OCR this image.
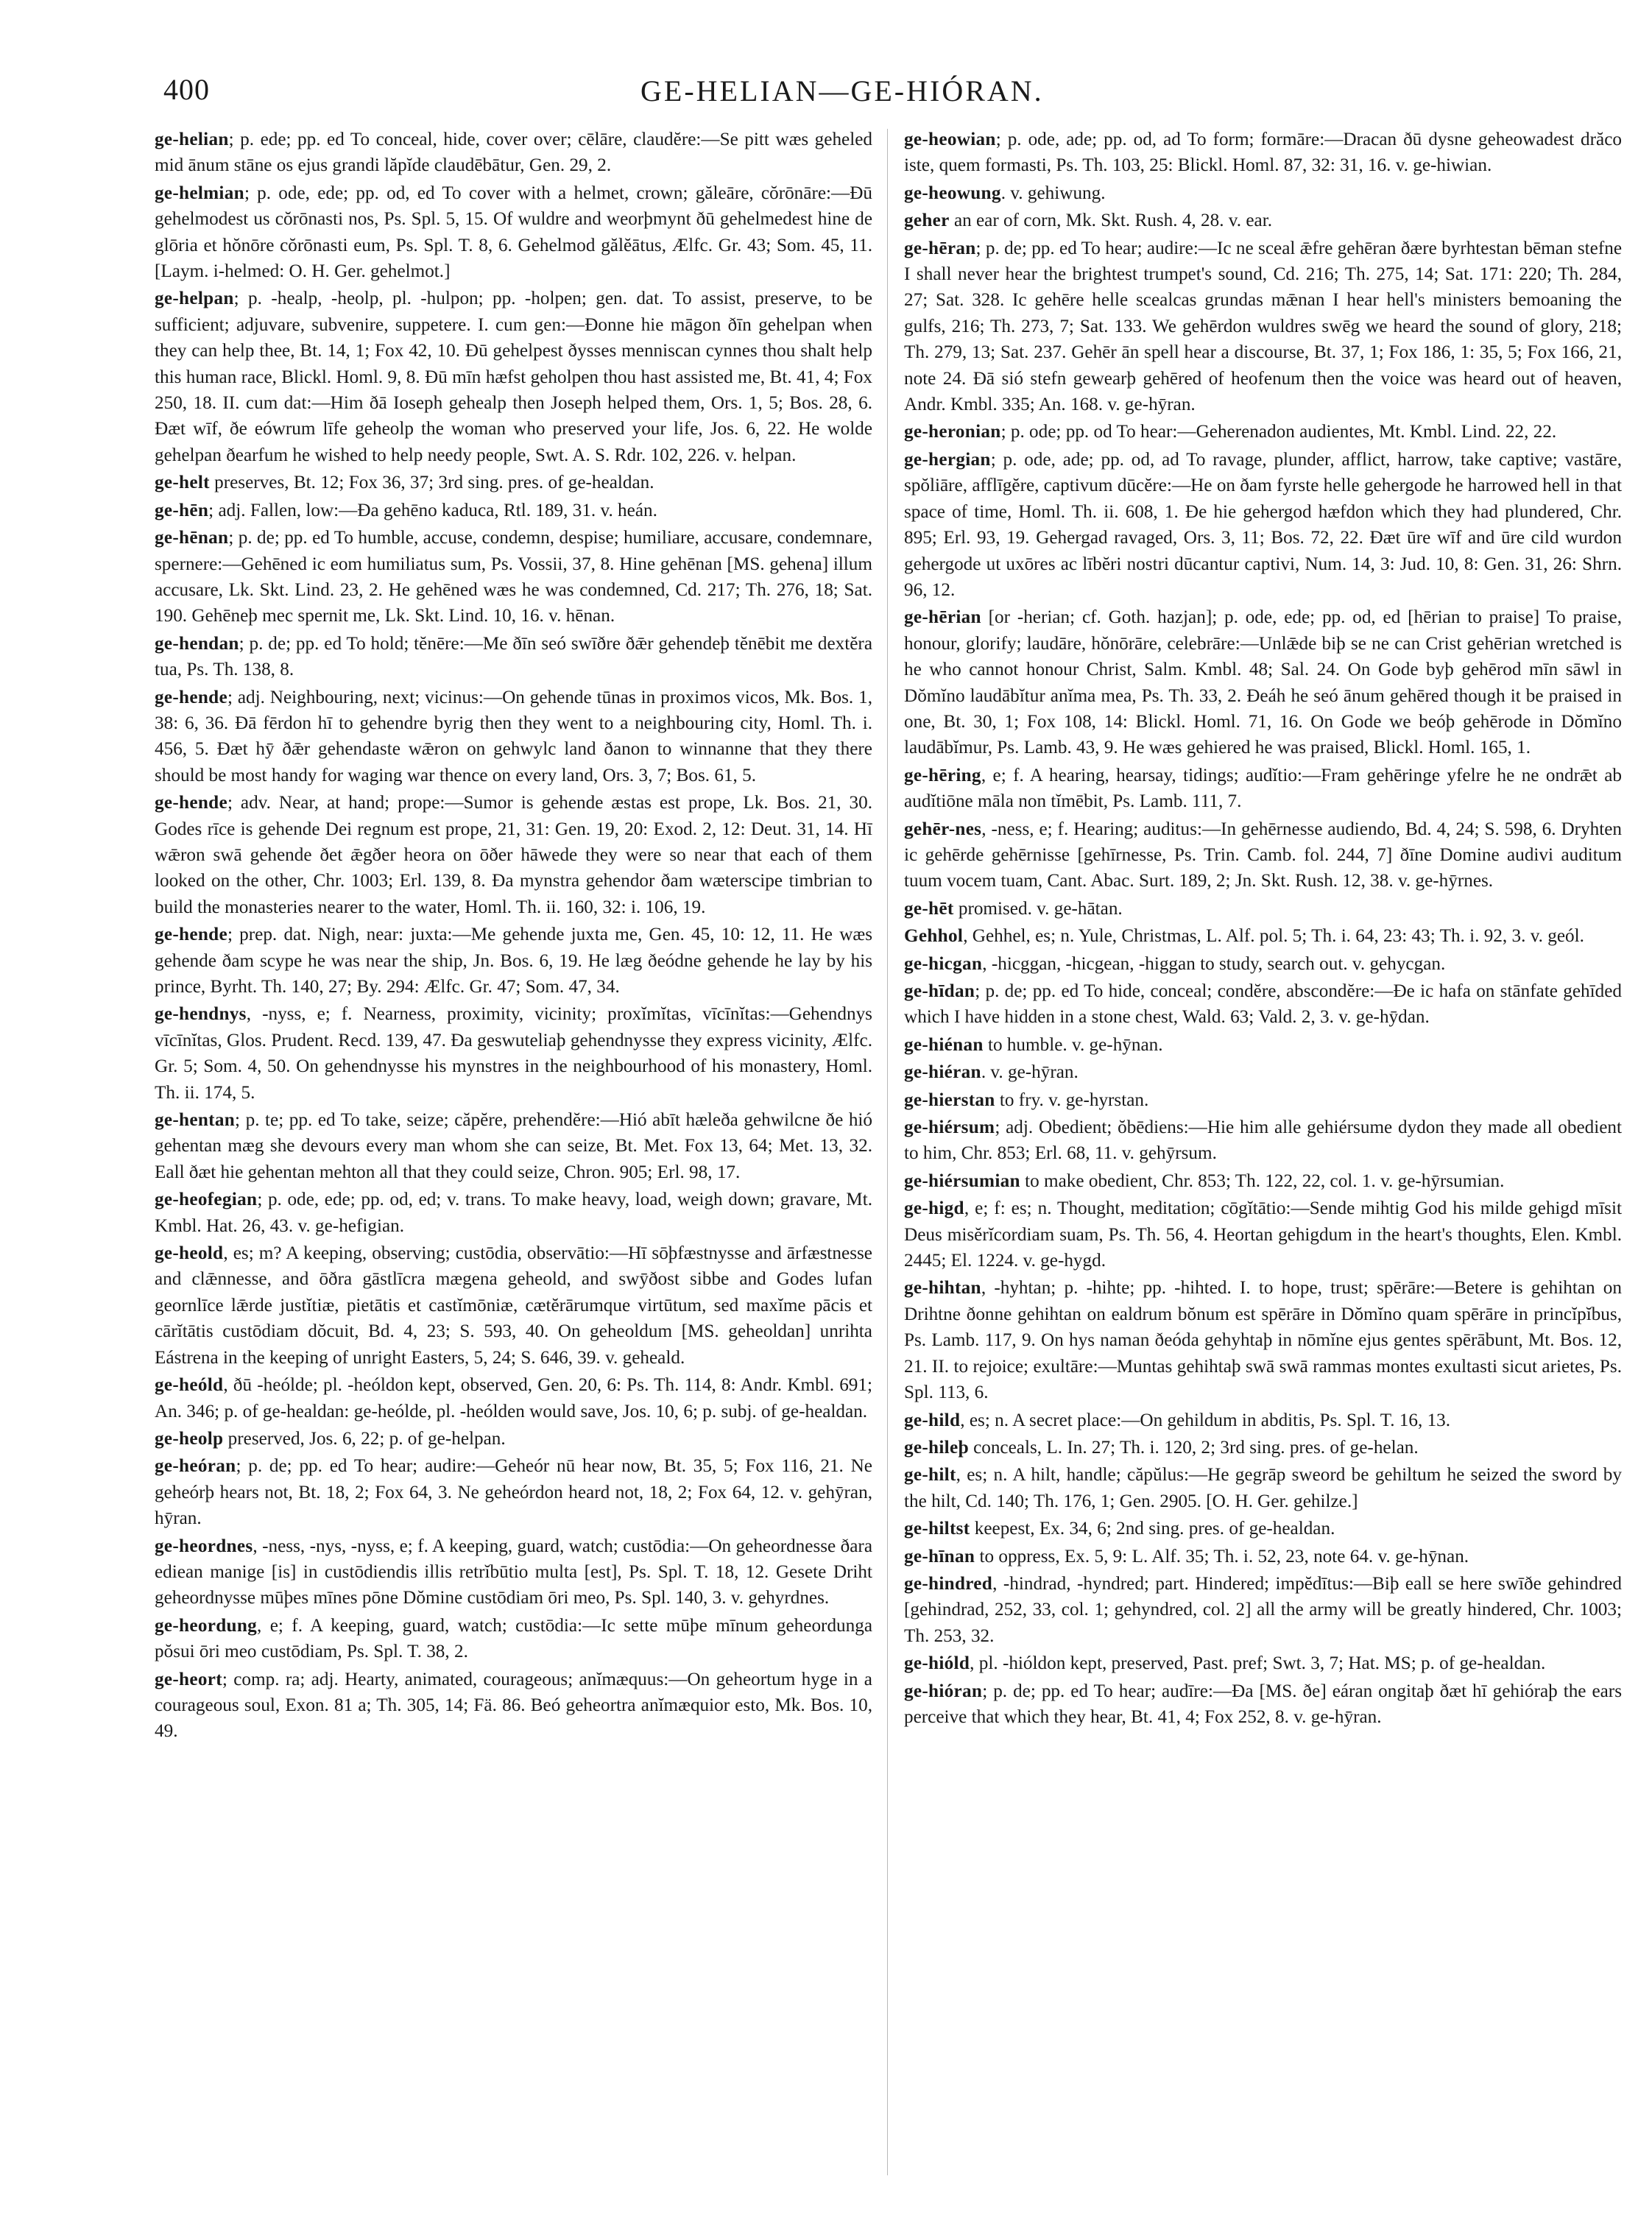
400	GE-HELIAN—GE-HIÓRAN.

ge-helian; p. ede; pp. ed To conceal, hide, cover over; cēlāre, claudĕre:—Se pitt wæs geheled mid ānum stāne os ejus grandi lăpĭde claudēbātur, Gen. 29, 2.

ge-helmian; p. ode, ede; pp. od, ed To cover with a helmet, crown; găleāre, cŏrōnāre:—Đū gehelmodest us cŏrōnasti nos, Ps. Spl. 5, 15. Of wuldre and weorþmynt ðū gehelmedest hine de glōria et hŏnōre cŏrōnasti eum, Ps. Spl. T. 8, 6. Gehelmod gălĕātus, Ælfc. Gr. 43; Som. 45, 11. [Laym. i-helmed: O. H. Ger. gehelmot.]

ge-helpan; p. -healp, -heolp, pl. -hulpon; pp. -holpen; gen. dat. To assist, preserve, to be sufficient; adjuvare, subvenire, suppetere. I. cum gen:—Đonne hie māgon ðīn gehelpan when they can help thee, Bt. 14, 1; Fox 42, 10. Đū gehelpest ðysses menniscan cynnes thou shalt help this human race, Blickl. Homl. 9, 8. Đū mīn hæfst geholpen thou hast assisted me, Bt. 41, 4; Fox 250, 18. II. cum dat:—Him ðā Ioseph gehealp then Joseph helped them, Ors. 1, 5; Bos. 28, 6. Đæt wīf, ðe eówrum līfe geheolp the woman who preserved your life, Jos. 6, 22. He wolde gehelpan ðearfum he wished to help needy people, Swt. A. S. Rdr. 102, 226. v. helpan.

ge-helt preserves, Bt. 12; Fox 36, 37; 3rd sing. pres. of ge-healdan.

ge-hēn; adj. Fallen, low:—Đa gehēno kaduca, Rtl. 189, 31. v. heán.

ge-hēnan; p. de; pp. ed To humble, accuse, condemn, despise; humiliare, accusare, condemnare, spernere:—Gehēned ic eom humiliatus sum, Ps. Vossii, 37, 8. Hine gehēnan [MS. gehena] illum accusare, Lk. Skt. Lind. 23, 2. He gehēned wæs he was condemned, Cd. 217; Th. 276, 18; Sat. 190. Gehēneþ mec spernit me, Lk. Skt. Lind. 10, 16. v. hēnan.

ge-hendan; p. de; pp. ed To hold; tĕnēre:—Me ðīn seó swīðre ðǣr gehendeþ tĕnēbit me dextĕra tua, Ps. Th. 138, 8.

ge-hende; adj. Neighbouring, next; vicinus:—On gehende tūnas in proximos vicos, Mk. Bos. 1, 38: 6, 36. Đā fērdon hī to gehendre byrig then they went to a neighbouring city, Homl. Th. i. 456, 5. Đæt hȳ ðǣr gehendaste wǣron on gehwylc land ðanon to winnanne that they there should be most handy for waging war thence on every land, Ors. 3, 7; Bos. 61, 5.

ge-hende; adv. Near, at hand; prope:—Sumor is gehende æstas est prope, Lk. Bos. 21, 30. Godes rīce is gehende Dei regnum est prope, 21, 31: Gen. 19, 20: Exod. 2, 12: Deut. 31, 14. Hī wǣron swā gehende ðet ǣgðer heora on ōðer hāwede they were so near that each of them looked on the other, Chr. 1003; Erl. 139, 8. Đa mynstra gehendor ðam wæterscipe timbrian to build the monasteries nearer to the water, Homl. Th. ii. 160, 32: i. 106, 19.

ge-hende; prep. dat. Nigh, near: juxta:—Me gehende juxta me, Gen. 45, 10: 12, 11. He wæs gehende ðam scype he was near the ship, Jn. Bos. 6, 19. He læg ðeódne gehende he lay by his prince, Byrht. Th. 140, 27; By. 294: Ælfc. Gr. 47; Som. 47, 34.

ge-hendnys, -nyss, e; f. Nearness, proximity, vicinity; proxĭmĭtas, vīcīnĭtas:—Gehendnys vīcīnĭtas, Glos. Prudent. Recd. 139, 47. Đa geswuteliaþ gehendnysse they express vicinity, Ælfc. Gr. 5; Som. 4, 50. On gehendnysse his mynstres in the neighbourhood of his monastery, Homl. Th. ii. 174, 5.

ge-hentan; p. te; pp. ed To take, seize; căpĕre, prehendĕre:—Hió abīt hæleða gehwilcne ðe hió gehentan mæg she devours every man whom she can seize, Bt. Met. Fox 13, 64; Met. 13, 32. Eall ðæt hie gehentan mehton all that they could seize, Chron. 905; Erl. 98, 17.

ge-heofegian; p. ode, ede; pp. od, ed; v. trans. To make heavy, load, weigh down; gravare, Mt. Kmbl. Hat. 26, 43. v. ge-hefigian.

ge-heold, es; m? A keeping, observing; custōdia, observātio:—Hī sōþfæstnysse and ārfæstnesse and clǣnnesse, and ōðra gāstlīcra mægena geheold, and swȳðost sibbe and Godes lufan geornlīce lǣrde justĭtiæ, pietātis et castĭmōniæ, cætĕrārumque virtūtum, sed maxĭme pācis et cārĭtātis custōdiam dŏcuit, Bd. 4, 23; S. 593, 40. On geheoldum [MS. geheoldan] unrihta Eástrena in the keeping of unright Easters, 5, 24; S. 646, 39. v. geheald.

ge-heóld, ðū -heólde; pl. -heóldon kept, observed, Gen. 20, 6: Ps. Th. 114, 8: Andr. Kmbl. 691; An. 346; p. of ge-healdan: ge-heólde, pl. -heólden would save, Jos. 10, 6; p. subj. of ge-healdan.

ge-heolp preserved, Jos. 6, 22; p. of ge-helpan.

ge-heóran; p. de; pp. ed To hear; audire:—Geheór nū hear now, Bt. 35, 5; Fox 116, 21. Ne geheórþ hears not, Bt. 18, 2; Fox 64, 3. Ne geheórdon heard not, 18, 2; Fox 64, 12. v. gehȳran, hȳran.

ge-heordnes, -ness, -nys, -nyss, e; f. A keeping, guard, watch; custōdia:—On geheordnesse ðara ediean manige [is] in custōdiendis illis retrĭbūtio multa [est], Ps. Spl. T. 18, 12. Gesete Driht geheordnysse mūþes mīnes pōne Dŏmine custōdiam ōri meo, Ps. Spl. 140, 3. v. gehyrdnes.

ge-heordung, e; f. A keeping, guard, watch; custōdia:—Ic sette mūþe mīnum geheordunga pŏsui ōri meo custōdiam, Ps. Spl. T. 38, 2.

ge-heort; comp. ra; adj. Hearty, animated, courageous; anĭmæquus:—On geheortum hyge in a courageous soul, Exon. 81 a; Th. 305, 14; Fä. 86. Beó geheortra anĭmæquior esto, Mk. Bos. 10, 49.

ge-heowian; p. ode, ade; pp. od, ad To form; formāre:—Dracan ðū dysne geheowadest drăco iste, quem formasti, Ps. Th. 103, 25: Blickl. Homl. 87, 32: 31, 16. v. ge-hiwian.

ge-heowung. v. gehiwung.

geher an ear of corn, Mk. Skt. Rush. 4, 28. v. ear.

ge-hēran; p. de; pp. ed To hear; audire:—Ic ne sceal ǣfre gehēran ðære byrhtestan bēman stefne I shall never hear the brightest trumpet's sound, Cd. 216; Th. 275, 14; Sat. 171: 220; Th. 284, 27; Sat. 328. Ic gehēre helle scealcas grundas mǣnan I hear hell's ministers bemoaning the gulfs, 216; Th. 273, 7; Sat. 133. We gehērdon wuldres swēg we heard the sound of glory, 218; Th. 279, 13; Sat. 237. Gehēr ān spell hear a discourse, Bt. 37, 1; Fox 186, 1: 35, 5; Fox 166, 21, note 24. Đā sió stefn gewearþ gehēred of heofenum then the voice was heard out of heaven, Andr. Kmbl. 335; An. 168. v. ge-hȳran.

ge-heronian; p. ode; pp. od To hear:—Geherenadon audientes, Mt. Kmbl. Lind. 22, 22.

ge-hergian; p. ode, ade; pp. od, ad To ravage, plunder, afflict, harrow, take captive; vastāre, spŏliāre, afflīgĕre, captivum dūcĕre:—He on ðam fyrste helle gehergode he harrowed hell in that space of time, Homl. Th. ii. 608, 1. Đe hie gehergod hæfdon which they had plundered, Chr. 895; Erl. 93, 19. Gehergad ravaged, Ors. 3, 11; Bos. 72, 22. Đæt ūre wīf and ūre cild wurdon gehergode ut uxōres ac lībĕri nostri dūcantur captivi, Num. 14, 3: Jud. 10, 8: Gen. 31, 26: Shrn. 96, 12.

ge-hērian [or -herian; cf. Goth. hazjan]; p. ode, ede; pp. od, ed [hērian to praise] To praise, honour, glorify; laudāre, hŏnōrāre, celebrāre:—Unlǣde biþ se ne can Crist gehērian wretched is he who cannot honour Christ, Salm. Kmbl. 48; Sal. 24. On Gode byþ gehērod mīn sāwl in Dŏmĭno laudābĭtur anĭma mea, Ps. Th. 33, 2. Đeáh he seó ānum gehēred though it be praised in one, Bt. 30, 1; Fox 108, 14: Blickl. Homl. 71, 16. On Gode we beóþ gehērode in Dŏmĭno laudābĭmur, Ps. Lamb. 43, 9. He wæs gehiered he was praised, Blickl. Homl. 165, 1.

ge-hēring, e; f. A hearing, hearsay, tidings; audĭtio:—Fram gehēringe yfelre he ne ondrǣt ab audĭtiōne māla non tĭmēbit, Ps. Lamb. 111, 7.

gehēr-nes, -ness, e; f. Hearing; auditus:—In gehērnesse audiendo, Bd. 4, 24; S. 598, 6. Dryhten ic gehērde gehērnisse [gehīrnesse, Ps. Trin. Camb. fol. 244, 7] ðīne Domine audivi auditum tuum vocem tuam, Cant. Abac. Surt. 189, 2; Jn. Skt. Rush. 12, 38. v. ge-hȳrnes.

ge-hēt promised. v. ge-hātan.

Gehhol, Gehhel, es; n. Yule, Christmas, L. Alf. pol. 5; Th. i. 64, 23: 43; Th. i. 92, 3. v. geól.

ge-hicgan, -hicggan, -hicgean, -higgan to study, search out. v. gehycgan.

ge-hīdan; p. de; pp. ed To hide, conceal; condĕre, abscondĕre:—Đe ic hafa on stānfate gehīded which I have hidden in a stone chest, Wald. 63; Vald. 2, 3. v. ge-hȳdan.

ge-hiénan to humble. v. ge-hȳnan.

ge-hiéran. v. ge-hȳran.

ge-hierstan to fry. v. ge-hyrstan.

ge-hiérsum; adj. Obedient; ŏbēdiens:—Hie him alle gehiérsume dydon they made all obedient to him, Chr. 853; Erl. 68, 11. v. gehȳrsum.

ge-hiérsumian to make obedient, Chr. 853; Th. 122, 22, col. 1. v. ge-hȳrsumian.

ge-higd, e; f: es; n. Thought, meditation; cōgĭtātio:—Sende mihtig God his milde gehigd mīsit Deus misĕrĭcordiam suam, Ps. Th. 56, 4. Heortan gehigdum in the heart's thoughts, Elen. Kmbl. 2445; El. 1224. v. ge-hygd.

ge-hihtan, -hyhtan; p. -hihte; pp. -hihted. I. to hope, trust; spērāre:—Betere is gehihtan on Drihtne ðonne gehihtan on ealdrum bŏnum est spērāre in Dŏmĭno quam spērāre in princĭpĭbus, Ps. Lamb. 117, 9. On hys naman ðeóda gehyhtaþ in nōmĭne ejus gentes spērābunt, Mt. Bos. 12, 21. II. to rejoice; exultāre:—Muntas gehihtaþ swā swā rammas montes exultasti sicut arietes, Ps. Spl. 113, 6.

ge-hild, es; n. A secret place:—On gehildum in abditis, Ps. Spl. T. 16, 13.

ge-hileþ conceals, L. In. 27; Th. i. 120, 2; 3rd sing. pres. of ge-helan.

ge-hilt, es; n. A hilt, handle; căpŭlus:—He gegrāp sweord be gehiltum he seized the sword by the hilt, Cd. 140; Th. 176, 1; Gen. 2905. [O. H. Ger. gehilze.]

ge-hiltst keepest, Ex. 34, 6; 2nd sing. pres. of ge-healdan.

ge-hīnan to oppress, Ex. 5, 9: L. Alf. 35; Th. i. 52, 23, note 64. v. ge-hȳnan.

ge-hindred, -hindrad, -hyndred; part. Hindered; impĕdītus:—Biþ eall se here swīðe gehindred [gehindrad, 252, 33, col. 1; gehyndred, col. 2] all the army will be greatly hindered, Chr. 1003; Th. 253, 32.

ge-hióld, pl. -hióldon kept, preserved, Past. pref; Swt. 3, 7; Hat. MS; p. of ge-healdan.

ge-hióran; p. de; pp. ed To hear; audīre:—Đa [MS. ðe] eáran ongitaþ ðæt hī gehióraþ the ears perceive that which they hear, Bt. 41, 4; Fox 252, 8. v. ge-hȳran.
